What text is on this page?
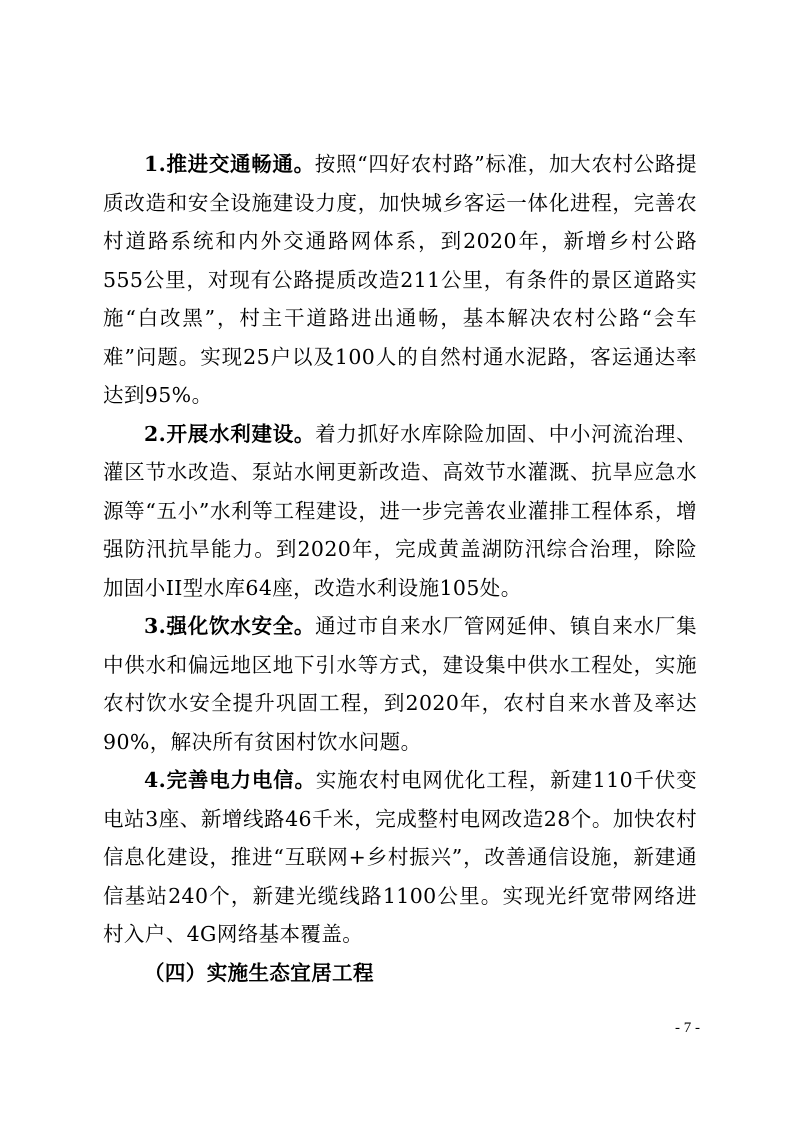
1.推进交通畅通。按照“四好农村路”标准，加大农村公路提质改造和安全设施建设力度，加快城乡客运一体化进程，完善农村道路系统和内外交通路网体系，到2020年，新增乡村公路555公里，对现有公路提质改造211公里，有条件的景区道路实施“白改黑”，村主干道路进出通畅，基本解决农村公路“会车难”问题。实现25户以及100人的自然村通水泥路，客运通达率达到95%。

2.开展水利建设。着力抓好水库除险加固、中小河流治理、灌区节水改造、泵站水闸更新改造、高效节水灌溉、抗旱应急水源等“五小”水利等工程建设，进一步完善农业灌排工程体系，增强防汛抗旱能力。到2020年，完成黄盖湖防汛综合治理，除险加固小II型水库64座，改造水利设施105处。

3.强化饮水安全。通过市自来水厂管网延伸、镇自来水厂集中供水和偏远地区地下引水等方式，建设集中供水工程处，实施农村饮水安全提升巩固工程，到2020年，农村自来水普及率达90%，解决所有贫困村饮水问题。

4.完善电力电信。实施农村电网优化工程，新建110千伏变电站3座、新增线路46千米，完成整村电网改造28个。加快农村信息化建设，推进“互联网+乡村振兴”，改善通信设施，新建通信基站240个，新建光缆线路1100公里。实现光纤宽带网络进村入户、4G网络基本覆盖。

（四）实施生态宜居工程

- 7 -
